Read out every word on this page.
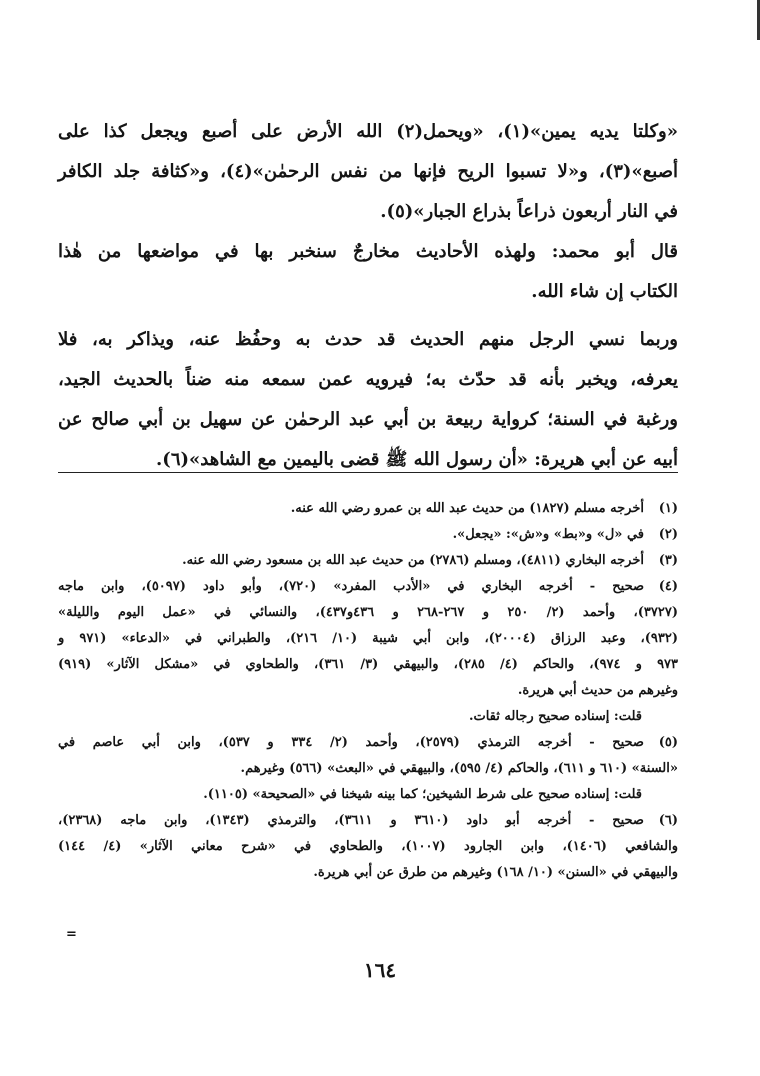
«وكلتا يديه يمين»(١)، «ويحمل(٢) الله الأرض على أصبع ويجعل كذا على
أصبع»(٣)، و«لا تسبوا الريح فإنها من نفس الرحمٰن»(٤)، و«كثافة جلد الكافر
في النار أربعون ذراعاً بذراع الجبار»(٥).
قال أبو محمد: ولهذه الأحاديث مخارجٌ سنخبر بها في مواضعها من هٰذا
الكتاب إن شاء الله.
وربما نسي الرجل منهم الحديث قد حدث به وحفُظ عنه، ويذاكر به، فلا
يعرفه، ويخبر بأنه قد حدّث به؛ فيرويه عمن سمعه منه ضناً بالحديث الجيد،
ورغبة في السنة؛ كرواية ربيعة بن أبي عبد الرحمٰن عن سهيل بن أبي صالح عن
أبيه عن أبي هريرة: «أن رسول الله ﷺ قضى باليمين مع الشاهد»(٦).
(١)أخرجه مسلم (١٨٢٧) من حديث عبد الله بن عمرو رضي الله عنه.
(٢)في «ل» و«بط» و«ش»: «يجعل».
(٣)أخرجه البخاري (٤٨١١)، ومسلم (٢٧٨٦) من حديث عبد الله بن مسعود رضي الله عنه.
(٤)صحيح - أخرجه البخاري في «الأدب المفرد» (٧٢٠)، وأبو داود (٥٠٩٧)، وابن ماجه
(٣٧٢٧)، وأحمد (٢/ ٢٥٠ و ٢٦٧-٢٦٨ و ٤٣٦و٤٣٧)، والنسائي في «عمل اليوم والليلة»
(٩٣٢)، وعبد الرزاق (٢٠٠٠٤)، وابن أبي شيبة (١٠/ ٢١٦)، والطبراني في «الدعاء» (٩٧١ و
٩٧٣ و ٩٧٤)، والحاكم (٤/ ٢٨٥)، والبيهقي (٣/ ٣٦١)، والطحاوي في «مشكل الآثار» (٩١٩)
وغيرهم من حديث أبي هريرة.
قلت: إسناده صحيح رجاله ثقات.
(٥)صحيح - أخرجه الترمذي (٢٥٧٩)، وأحمد (٢/ ٣٣٤ و ٥٣٧)، وابن أبي عاصم في
«السنة» (٦١٠ و ٦١١)، والحاكم (٤/ ٥٩٥)، والبيهقي في «البعث» (٥٦٦) وغيرهم.
قلت: إسناده صحيح على شرط الشيخين؛ كما بينه شيخنا في «الصحيحة» (١١٠٥).
(٦)صحيح - أخرجه أبو داود (٣٦١٠ و ٣٦١١)، والترمذي (١٣٤٣)، وابن ماجه (٢٣٦٨)،
والشافعي (١٤٠٦)، وابن الجارود (١٠٠٧)، والطحاوي في «شرح معاني الآثار» (٤/ ١٤٤)
والبيهقي في «السنن» (١٠/ ١٦٨) وغيرهم من طرق عن أبي هريرة.
=
١٦٤
